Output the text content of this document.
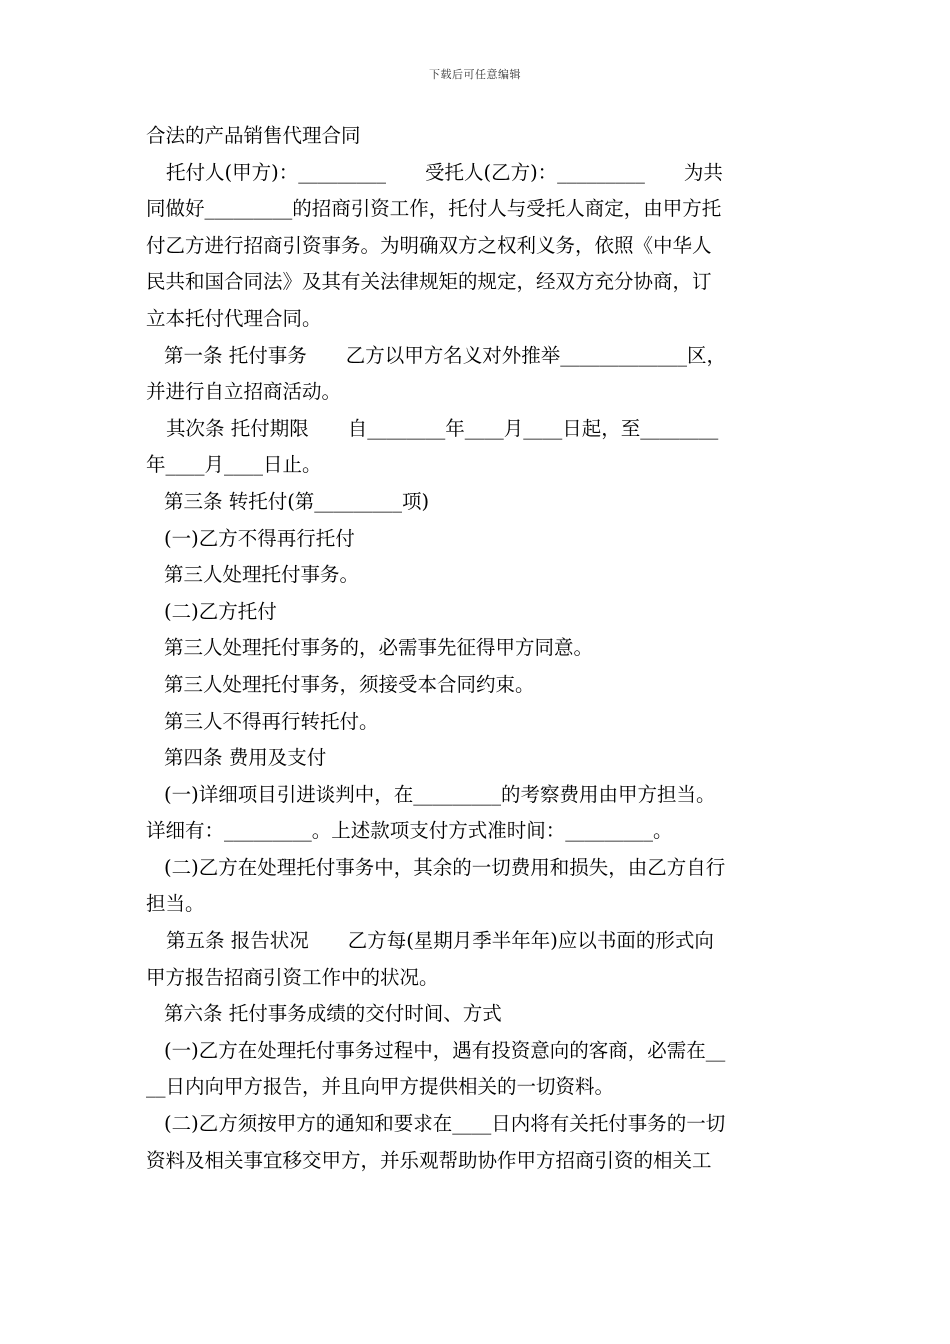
下载后可任意编辑
合法的产品销售代理合同
托付人(甲方)：_________　　受托人(乙方)：_________　　为共
同做好_________的招商引资工作，托付人与受托人商定，由甲方托
付乙方进行招商引资事务。为明确双方之权利义务，依照《中华人
民共和国合同法》及其有关法律规矩的规定，经双方充分协商，订
立本托付代理合同。
第一条 托付事务　　乙方以甲方名义对外推举_____________区，
并进行自立招商活动。
其次条 托付期限　　自________年____月____日起，至________
年____月____日止。
第三条 转托付(第_________项)
(一)乙方不得再行托付
第三人处理托付事务。
(二)乙方托付
第三人处理托付事务的，必需事先征得甲方同意。
第三人处理托付事务，须接受本合同约束。
第三人不得再行转托付。
第四条 费用及支付
(一)详细项目引进谈判中，在_________的考察费用由甲方担当。
详细有：_________。上述款项支付方式准时间：_________。
(二)乙方在处理托付事务中，其余的一切费用和损失，由乙方自行
担当。
第五条 报告状况　　乙方每(星期月季半年年)应以书面的形式向
甲方报告招商引资工作中的状况。
第六条 托付事务成绩的交付时间、方式
(一)乙方在处理托付事务过程中，遇有投资意向的客商，必需在__
__日内向甲方报告，并且向甲方提供相关的一切资料。
(二)乙方须按甲方的通知和要求在____日内将有关托付事务的一切
资料及相关事宜移交甲方，并乐观帮助协作甲方招商引资的相关工
